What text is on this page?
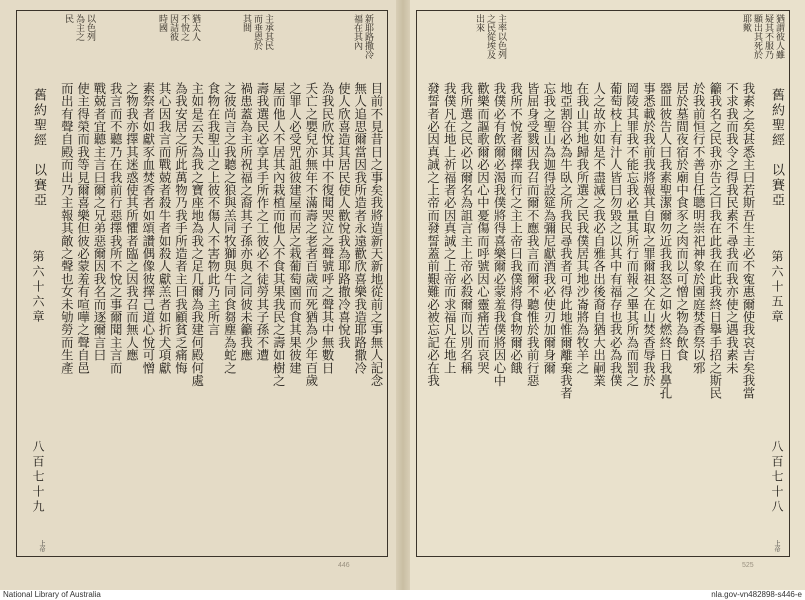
新耶路撒冷
福在其內
主承其民
而垂恩於
其間
猶太人
不悅之
因詰彼
時國
以色列
為主之
民
舊約聖經　以賽亞
第六十六章
八百七十九
上帝
目前不見昔日之事矣我將造新天新地從前之事無人記念
無人追思爾當因我所造者永遠歡欣喜樂我造耶路撒冷
使人欣喜造其居民使人歡悅我為耶路撒冷喜悅我
為我民欣悅其中不復聞哭泣之聲號呼之聲其中無數日
夭亡之嬰兒亦無年不滿壽之老者百歲而死猶為少年百歲
之罪人必受咒詛彼建屋而居之栽葡萄園而食其果彼建
屋而他人不居其內栽植而他人不食其果我民之壽如樹之
壽我選民必享其手所作之工彼必不徒勞其子孫不遭
禍患蓋為主所祝福之裔其子孫亦與之同彼未籲我應
之彼尚言之我聽之狼與羔同牧獅與牛同食芻塵為蛇之
食物在我聖山之上彼不傷人不害物此乃主所言
主如是云天為我之寶座地為我之足几爾為我建何殿何處
為我安居之所此萬物乃我手所造者主曰我顧貧乏痛悔
其心因我言而戰兢者殺牛者如殺人獻羔者如折犬項獻
素祭者如獻豕血焚香者如頌讚偶像彼擇己道心悅可憎
之物我亦擇其迷惑使其所懼者臨之因我召而無人應
我言而不聽乃在我前行惡擇我所不悅之事爾聞主言而
戰兢者宜聽主言曰爾之兄弟惡爾因我名而逐爾言曰
使主得榮而我等見爾喜樂但彼必蒙羞有喧嘩之聲自邑
而出有聲自殿而出乃主報其敵之聲也女未劬勞而生產
猶謂彼人雖
疑其不服乃
顯出其死於
耶歟
主率以色列
之民從埃及
出來
舊約聖經　以賽亞
第六十五章
八百七十八
上帝
我素之矣甚悉主曰若斯吾生主必不寃惠爾使我哀吉矣我當
不求我而我令之得我民素不尋我而我亦使之遇我素未
籲我名之民我亦告之曰我在此我在此我終日擧手招之斯民
於我前恒行不善自任聰明崇祀神象於園庭焚香祭以邪
居於墓間夜宿於廟中食豕之肉而以可憎之物為飲食
器皿彼告人曰我素聖潔爾勿近我我怒之如火燃終日我鼻孔
事悉載於我前我將報其自取之罪爾祖父在山焚香辱我於
岡陵其罪我不能忘我必量其所行而報之畢其所為而罰之
葡萄枝上有汁人皆曰勿毀之以其中有福存也我必為我僕
人之故亦如是不盡滅之我必自雅各出後裔自猶大出嗣業
在我山其地歸我所選之民我僕居其地沙崙將為牧羊之
地亞割谷必為牛臥之所我民尋我者可得此地惟爾離棄我者
忘我之聖山為迦得設筵為彌尼獻酒我必使刃加爾身爾
皆屈身受戮因我召而爾不應我言而爾不聽惟於我前行惡
我所不悅者爾擇而行之主上帝曰我僕將得食物爾必餓
我僕必有飲爾必渴我僕將得喜樂爾必蒙羞我僕將因心中
歡樂而謳歌爾必因心中憂傷而呼號因心靈痛苦而哀哭
我所選之民必以爾名為詛言主上帝必殺爾而以別名稱
我僕凡在地上祈福者必因真誠之上帝而求福凡在地上
發誓者必因真誠之上帝而發誓蓋前艱難必被忘記必在我
446	525
National Library of Australia	nla.gov-vn482898-s446-e
